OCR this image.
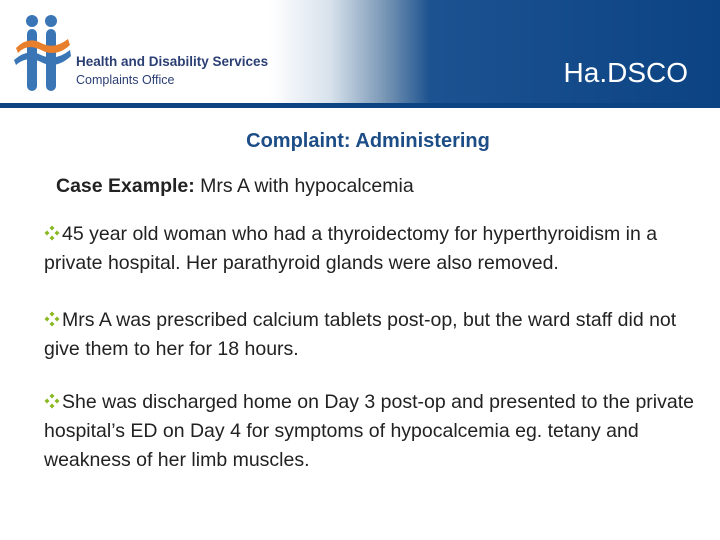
Health and Disability Services

Complaints Office	Ha.DSCO

Complaint: Administering

Case Example: Mrs A with hypocalcemia

45 year old woman who had a thyroidectomy for hyperthyroidism in a private hospital. Her parathyroid glands were also removed.
Mrs A was prescribed calcium tablets post-op, but the ward staff did not give them to her for 18 hours.
She was discharged home on Day 3 post-op and presented to the private hospital’s ED on Day 4 for symptoms of hypocalcemia eg. tetany and weakness of her limb muscles.
